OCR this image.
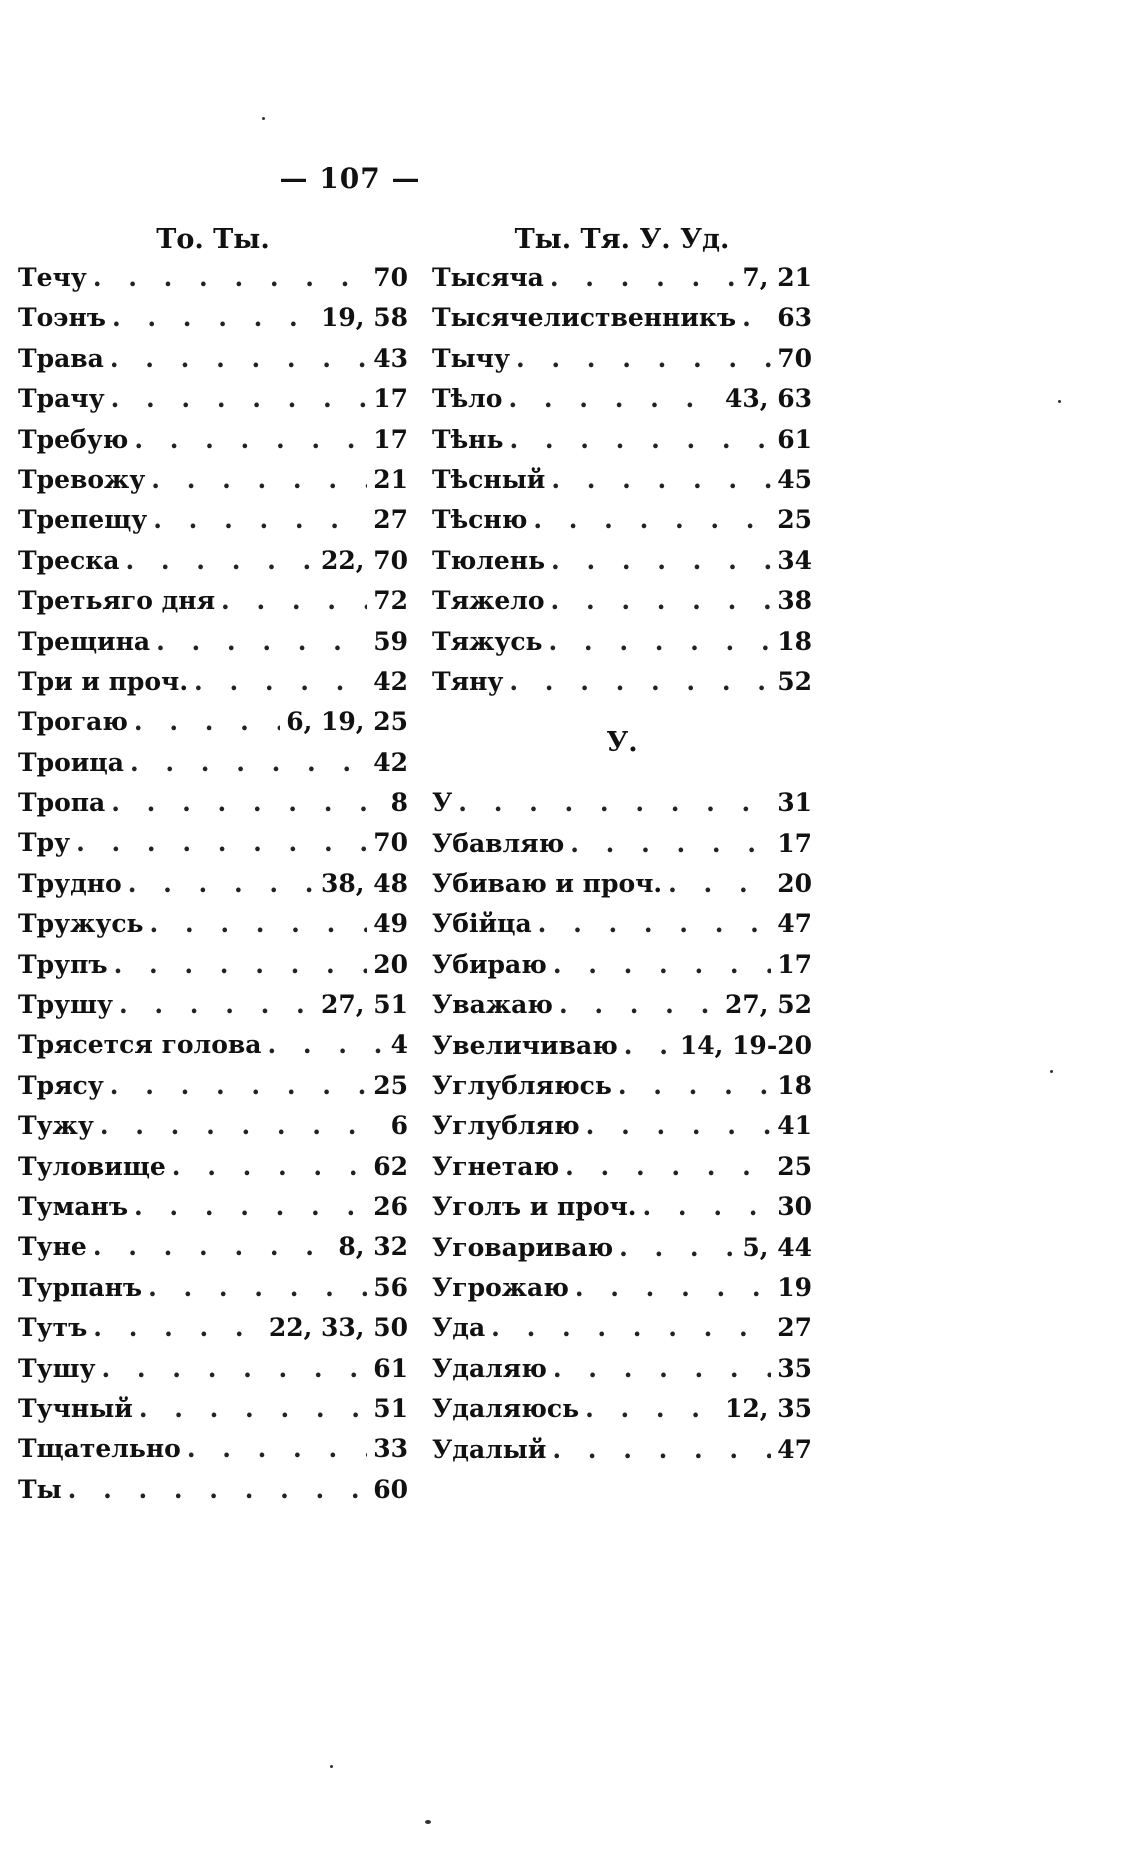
— 107 —
То. Ты.
Течу . . .	70
Тоэнъ . . .	19, 58
Трава . . .	43
Трачу . . .	17
Требую . . .	17
Тревожу . . .	21
Трепещу . . .	27
Треска . . .	22, 70
Третьяго дня . . .	72
Трещина . . .	59
Три и проч. . . .	42
Трогаю . . .	6, 19, 25
Троица . . .	42
Тропа . . .	8
Тру . . .	70
Трудно . . .	38, 48
Тружусь . . .	49
Трупъ . . .	20
Трушу . . .	27, 51
Трясется голова . . .	4
Трясу . . .	25
Тужу . . .	6
Туловище . . .	62
Туманъ . . .	26
Туне . . .	8, 32
Турпанъ . . .	56
Тутъ . . .	22, 33, 50
Тушу . . .	61
Тучный . . .	51
Тщательно . . .	33
Ты . . .	60
Ты. Тя. У. Уд.
Тысяча . . .	7, 21
Тысячелиственникъ . . . 63
Тычу . . .	70
Тѣло . . .	43, 63
Тѣнь . . .	61
Тѣсный . . .	45
Тѣсню . . .	25
Тюлень . . .	34
Тяжело . . .	38
Тяжусь . . .	18
Тяну . . .	52
У.
У . . .	31
Убавляю . . .	17
Убиваю и проч. . . .	20
Убійца . . .	47
Убираю . . .	17
Уважаю . . .	27, 52
Увеличиваю . . . 14, 19-20
Углубляюсь . . .	18
Углубляю . . .	41
Угнетаю . . .	25
Уголъ и проч. . . .	30
Уговариваю . . .	5, 44
Угрожаю . . .	19
Уда . . .	27
Удаляю . . .	35
Удаляюсь . . .	12, 35
Удалый . . .	47
